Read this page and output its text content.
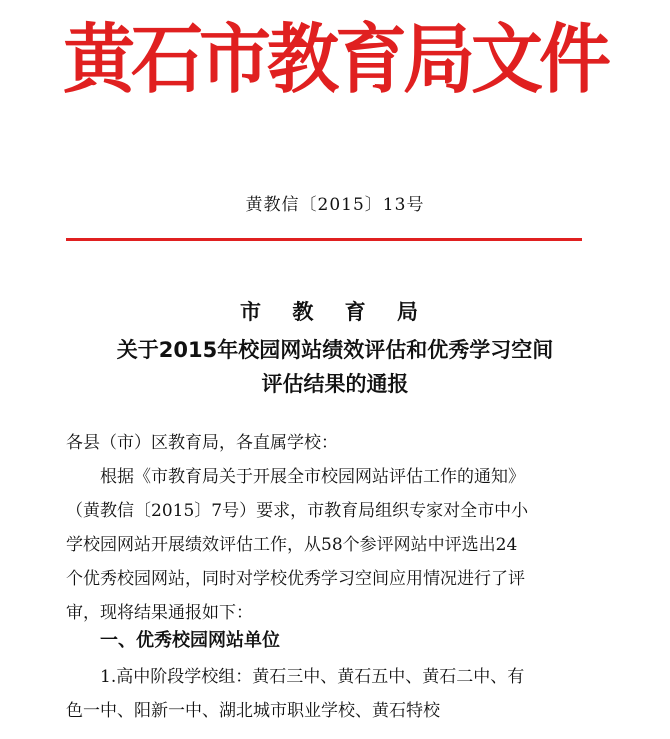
黄石市教育局文件
黄教信〔2015〕13号
市 教 育 局
关于2015年校园网站绩效评估和优秀学习空间
评估结果的通报
各县（市）区教育局，各直属学校：
　　根据《市教育局关于开展全市校园网站评估工作的通知》
（黄教信〔2015〕7号）要求，市教育局组织专家对全市中小
学校园网站开展绩效评估工作，从58个参评网站中评选出24
个优秀校园网站，同时对学校优秀学习空间应用情况进行了评
审，现将结果通报如下：
一、优秀校园网站单位
　　1.高中阶段学校组：黄石三中、黄石五中、黄石二中、有
色一中、阳新一中、湖北城市职业学校、黄石特校
